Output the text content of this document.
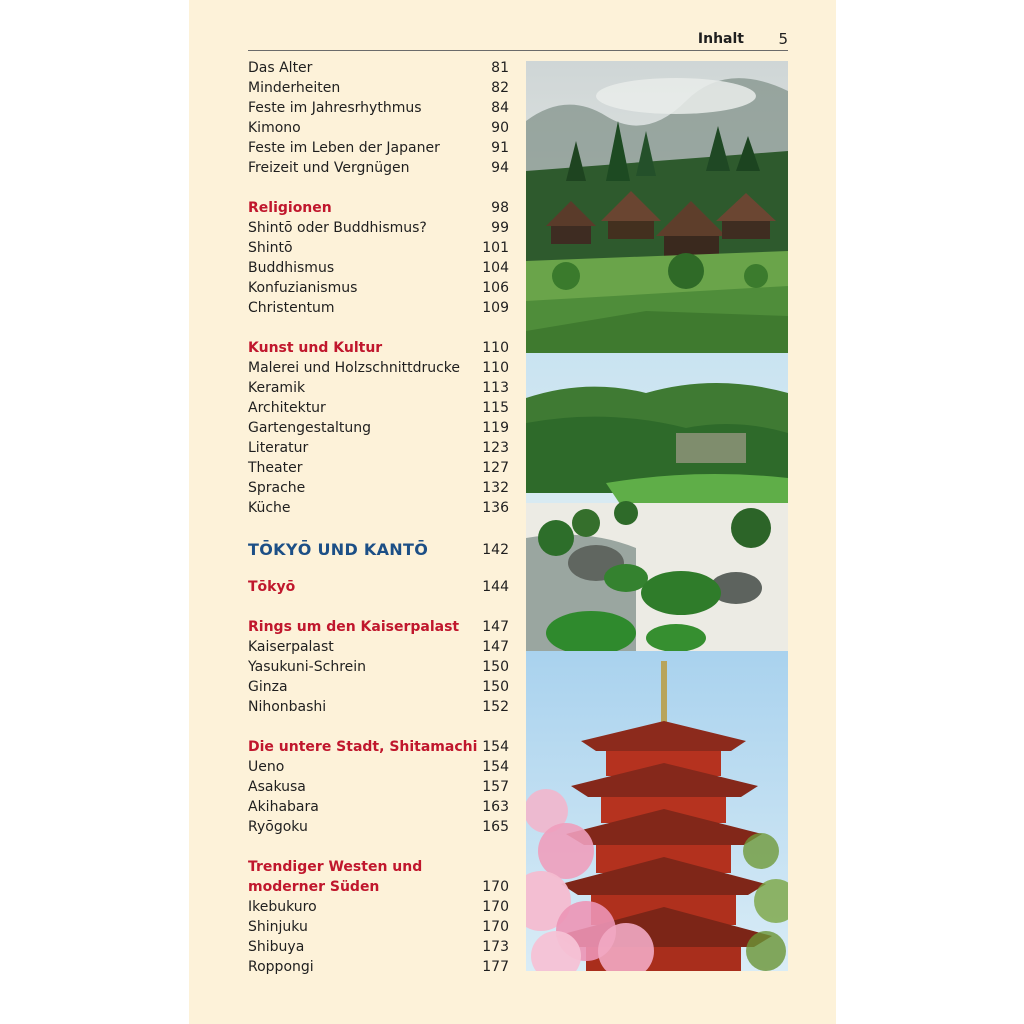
Inhalt 5
Das Alter	81
Minderheiten	82
Feste im Jahresrhythmus	84
Kimono	90
Feste im Leben der Japaner	91
Freizeit und Vergnügen	94
Religionen	98
Shintō oder Buddhismus?	99
Shintō	101
Buddhismus	104
Konfuzianismus	106
Christentum	109
Kunst und Kultur	110
Malerei und Holzschnittdrucke 110
Keramik	113
Architektur	115
Gartengestaltung	119
Literatur	123
Theater	127
Sprache	132
Küche	136
TŌKYŌ UND KANTŌ	142
Tōkyō	144
Rings um den Kaiserpalast 147
Kaiserpalast	147
Yasukuni-Schrein	150
Ginza	150
Nihonbashi	152
Die untere Stadt, Shitamachi 154
Ueno	154
Asakusa	157
Akihabara	163
Ryōgoku	165
Trendiger Westen und
moderner Süden	170
Ikebukuro	170
Shinjuku	170
Shibuya	173
Roppongi	177
